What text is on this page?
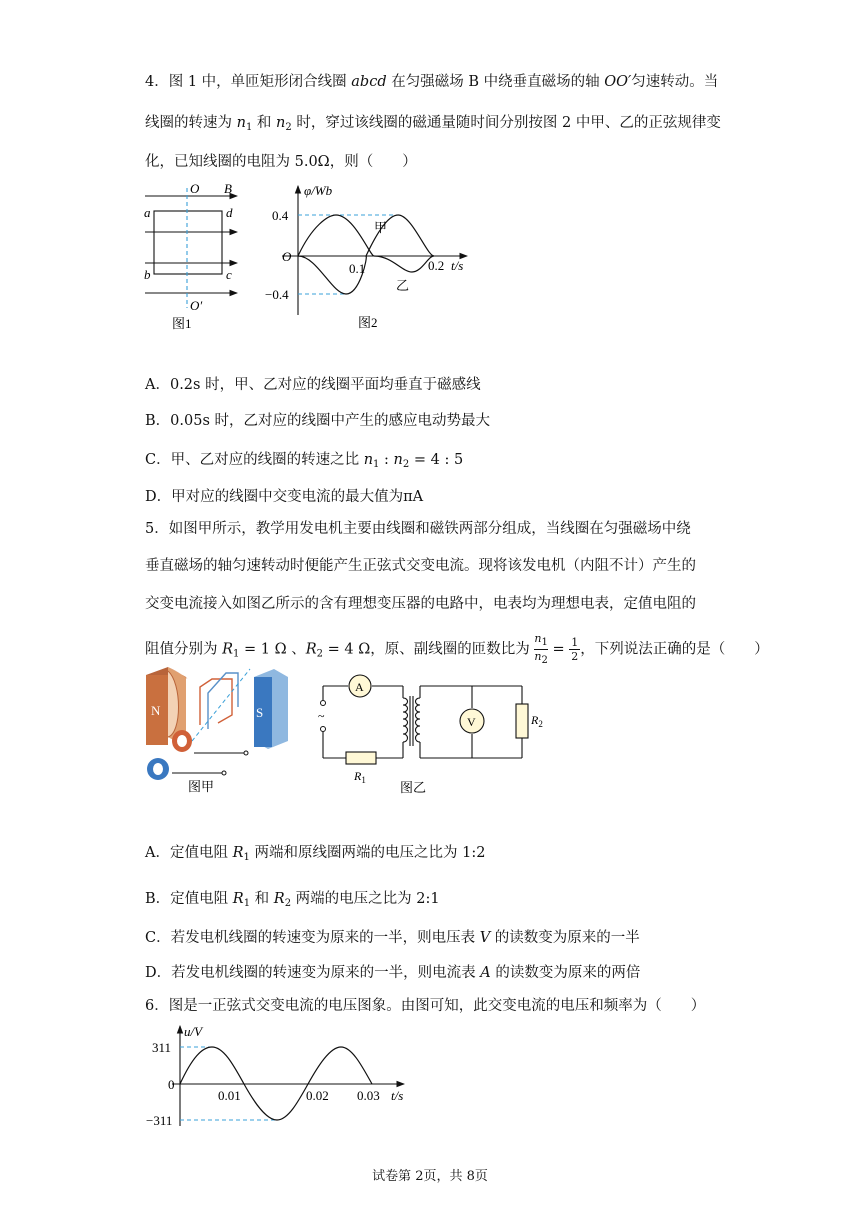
4．图 1 中，单匝矩形闭合线圈 abcd 在匀强磁场 B 中绕垂直磁场的轴 OO′匀速转动。当
线圈的转速为 $n_1$ 和 $n_2$ 时，穿过该线圈的磁通量随时间分别按图 2 中甲、乙的正弦规律变
化，已知线圈的电阻为 5.0Ω，则（　　）
O B
a	d
b	c
O′
图1
φ/Wb
0.4
−0.4
O
0.1	0.2 t/s
甲
乙
图2
A．0.2s 时，甲、乙对应的线圈平面均垂直于磁感线
B．0.05s 时，乙对应的线圈中产生的感应电动势最大
C．甲、乙对应的线圈的转速之比 $n_1$ : $n_2 = 4$ : 5
D．甲对应的线圈中交变电流的最大值为πA
5．如图甲所示，教学用发电机主要由线圈和磁铁两部分组成，当线圈在匀强磁场中绕
垂直磁场的轴匀速转动时便能产生正弦式交变电流。现将该发电机（内阻不计）产生的
交变电流接入如图乙所示的含有理想变压器的电路中，电表均为理想电表，定值电阻的
阻值分别为 $R_1 = 1$ Ω 、$R_2 = 4$ Ω，原、副线圈的匝数比为 $\frac{n1}{n2} = \frac{1}{2}$ ，下列说法正确的是（　　）
N	S
图甲
~
A
$R_1$
V	$R_2$
图乙
A．定值电阻 $R_1$ 两端和原线圈两端的电压之比为 1:2
B．定值电阻 $R_1$ 和 $R_2$ 两端的电压之比为 2:1
C．若发电机线圈的转速变为原来的一半，则电压表 V 的读数变为原来的一半
D．若发电机线圈的转速变为原来的一半，则电流表 A 的读数变为原来的两倍
6．图是一正弦式交变电流的电压图象。由图可知，此交变电流的电压和频率为（　　）
u/V
311
−311
0
0.01	0.02 0.03 t/s
试卷第 2页，共 8页
